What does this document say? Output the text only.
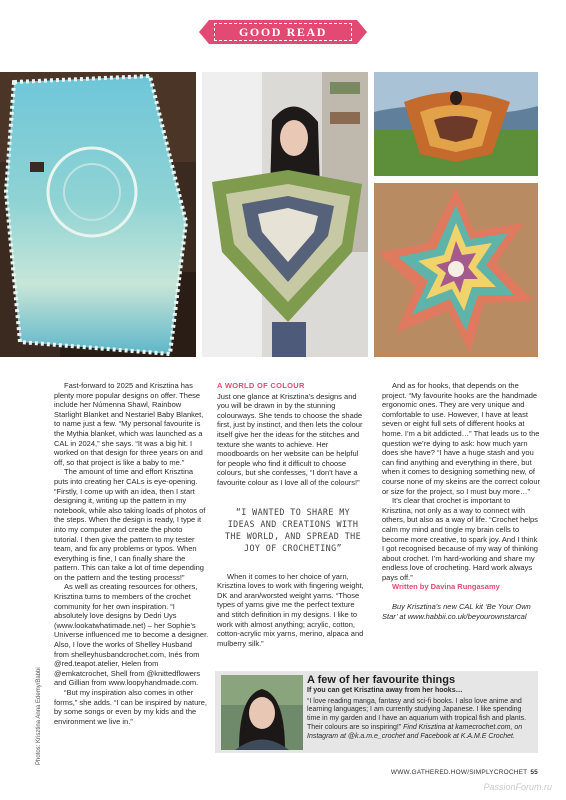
GOOD READ
Photos: Krisztina Anna Edemy/Babbi

Fast-forward to 2025 and Krisztina has plenty more popular designs on offer. These include her Númenna Shawl, Rainbow Starlight Blanket and Nestariel Baby Blanket, to name just a few. “My personal favourite is the Mythia blanket, which was launched as a CAL in 2024,” she says. “It was a big hit. I worked on that design for three years on and off, so that project is like a baby to me.”

The amount of time and effort Krisztina puts into creating her CALs is eye-opening. “Firstly, I come up with an idea, then I start designing it, writing up the pattern in my notebook, while also taking loads of photos of the steps. When the design is ready, I type it into my computer and create the photo tutorial. I then give the pattern to my tester team, and fix any problems or typos. When everything is fine, I can finally share the pattern. This can take a lot of time depending on the pattern and the testing process!”

As well as creating resources for others, Krisztina turns to members of the crochet community for her own inspiration. “I absolutely love designs by Dedri Uys (www.lookatwhatimade.net) – her Sophie’s Universe influenced me to become a designer. Also, I love the works of Shelley Husband from shelleyhusbandcrochet.com, Inés from @red.teapot.atelier, Helen from @emkatcrochet, Shell from @knittedflowers and Gillian from www.loopyhandmade.com.

“But my inspiration also comes in other forms,” she adds. “I can be inspired by nature, by some songs or even by my kids and the environment we live in.”

A WORLD OF COLOUR

Just one glance at Krisztina’s designs and you will be drawn in by the stunning colourways. She tends to choose the shade first, just by instinct, and then lets the colour itself give her the ideas for the stitches and texture she wants to achieve. Her moodboards on her website can be helpful for people who find it difficult to choose colours, but she confesses, “I don’t have a favourite colour as I love all of the colours!”

“I WANTED TO SHARE MY IDEAS AND CREATIONS WITH THE WORLD, AND SPREAD THE JOY OF CROCHETING”

When it comes to her choice of yarn, Krisztina loves to work with fingering weight, DK and aran/worsted weight yarns. “Those types of yarns give me the perfect texture and stitch definition in my designs. I like to work with almost anything; acrylic, cotton, cotton-acrylic mix yarns, merino, alpaca and mulberry silk.”

And as for hooks, that depends on the project. “My favourite hooks are the handmade ergonomic ones. They are very unique and comfortable to use. However, I have at least seven or eight full sets of different hooks at home. I’m a bit addicted…” That leads us to the question we’re dying to ask: how much yarn does she have? “I have a huge stash and you can find anything and everything in there, but when it comes to designing something new, of course none of my skeins are the correct colour or size for the project, so I must buy more…”

It’s clear that crochet is important to Krisztina, not only as a way to connect with others, but also as a way of life. “Crochet helps calm my mind and tingle my brain cells to become more creative, to spark joy. And I think I got recognised because of my way of thinking about crochet. I’m hard-working and share my endless love of crocheting. Hard work always pays off.”

Written by Davina Rungasamy

Buy Krisztina’s new CAL kit ‘Be Your Own Star’ at www.habbii.co.uk/beyourownstarcal

A few of her favourite things
If you can get Krisztina away from her hooks…
“I love reading manga, fantasy and sci-fi books. I also love anime and learning languages; I am currently studying Japanese. I like spending time in my garden and I have an aquarium with tropical fish and plants. Their colours are so inspiring!” Find Krisztina at kamecrochet.com, on Instagram at @k.a.m.e_crochet and Facebook at K.A.M.E Crochet.
WWW.GATHERED.HOW/SIMPLYCROCHET 55
PassionForum.ru
